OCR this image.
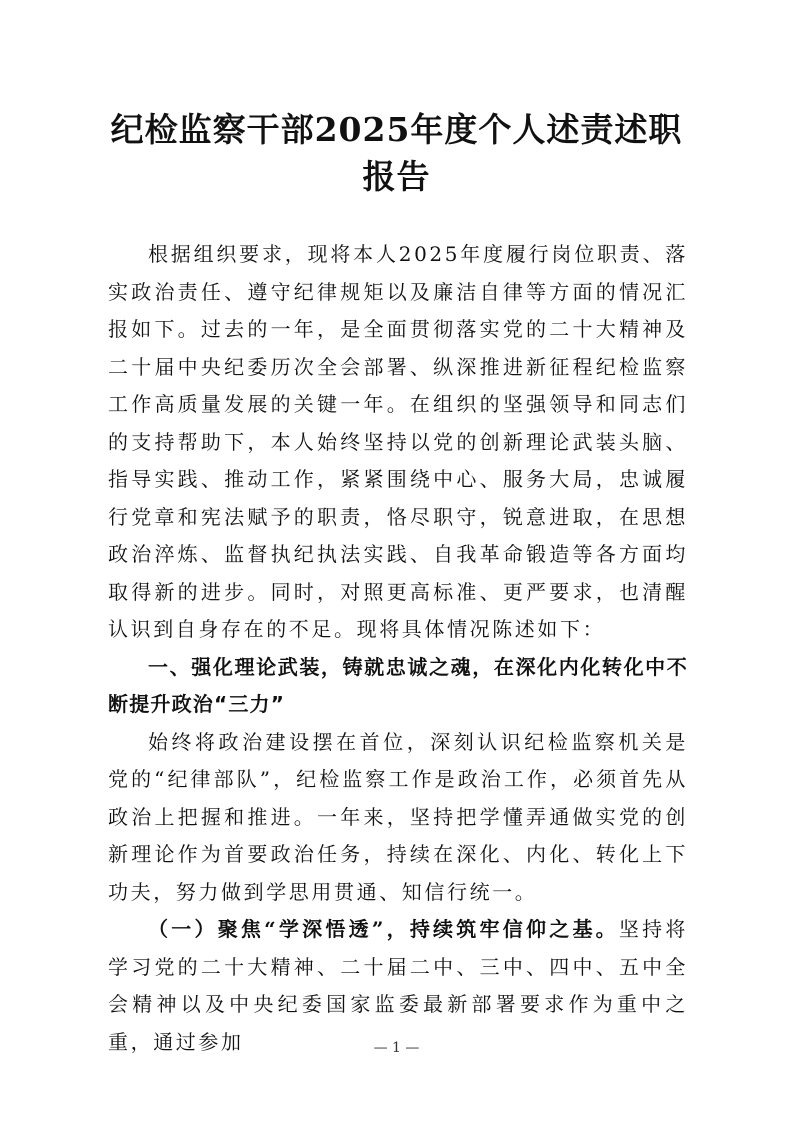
纪检监察干部2025年度个人述责述职报告

根据组织要求，现将本人2025年度履行岗位职责、落实政治责任、遵守纪律规矩以及廉洁自律等方面的情况汇报如下。过去的一年，是全面贯彻落实党的二十大精神及二十届中央纪委历次全会部署、纵深推进新征程纪检监察工作高质量发展的关键一年。在组织的坚强领导和同志们的支持帮助下，本人始终坚持以党的创新理论武装头脑、指导实践、推动工作，紧紧围绕中心、服务大局，忠诚履行党章和宪法赋予的职责，恪尽职守，锐意进取，在思想政治淬炼、监督执纪执法实践、自我革命锻造等各方面均取得新的进步。同时，对照更高标准、更严要求，也清醒认识到自身存在的不足。现将具体情况陈述如下：

一、强化理论武装，铸就忠诚之魂，在深化内化转化中不断提升政治“三力”

始终将政治建设摆在首位，深刻认识纪检监察机关是党的“纪律部队”，纪检监察工作是政治工作，必须首先从政治上把握和推进。一年来，坚持把学懂弄通做实党的创新理论作为首要政治任务，持续在深化、内化、转化上下功夫，努力做到学思用贯通、知信行统一。

（一）聚焦“学深悟透”，持续筑牢信仰之基。坚持将学习党的二十大精神、二十届二中、三中、四中、五中全会精神以及中央纪委国家监委最新部署要求作为重中之重，通过参加	— 1 —
